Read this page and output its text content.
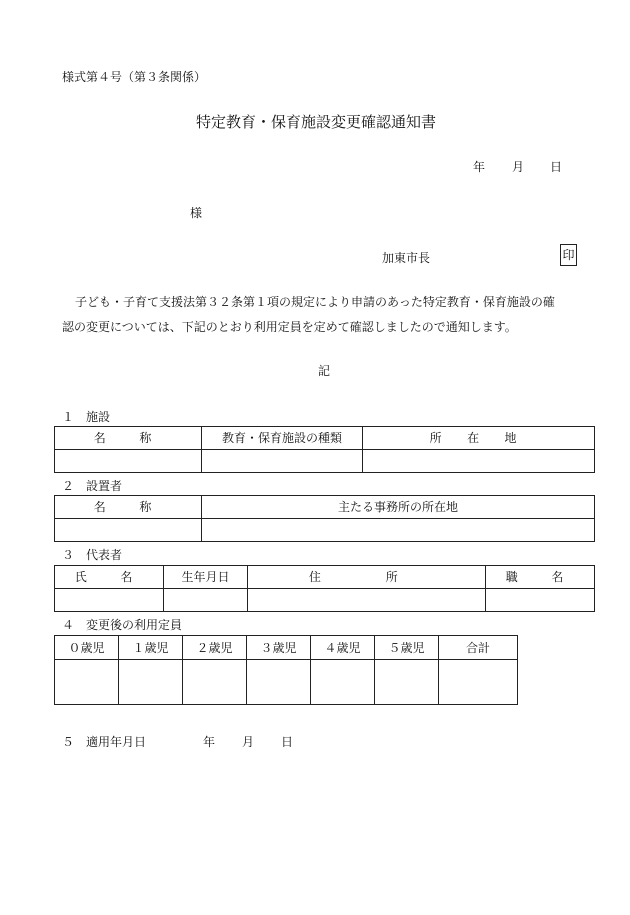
様式第４号（第３条関係）
特定教育・保育施設変更確認通知書
年 月 日
様
加東市長	印
子ども・子育て支援法第３２条第１項の規定により申請のあった特定教育・保育施設の確
認の変更については、下記のとおり利用定員を定めて確認しましたので通知します。
記
１　施設
名　称	教育・保育施設の種類	所 在 地

２　設置者
名　称	主たる事務所の所在地

３　代表者
氏　名	生年月日	住　所	職　名

４　変更後の利用定員
０歳児	１歳児	２歳児	３歳児	４歳児	５歳児	合計

５　適用年月日	年 月 日
